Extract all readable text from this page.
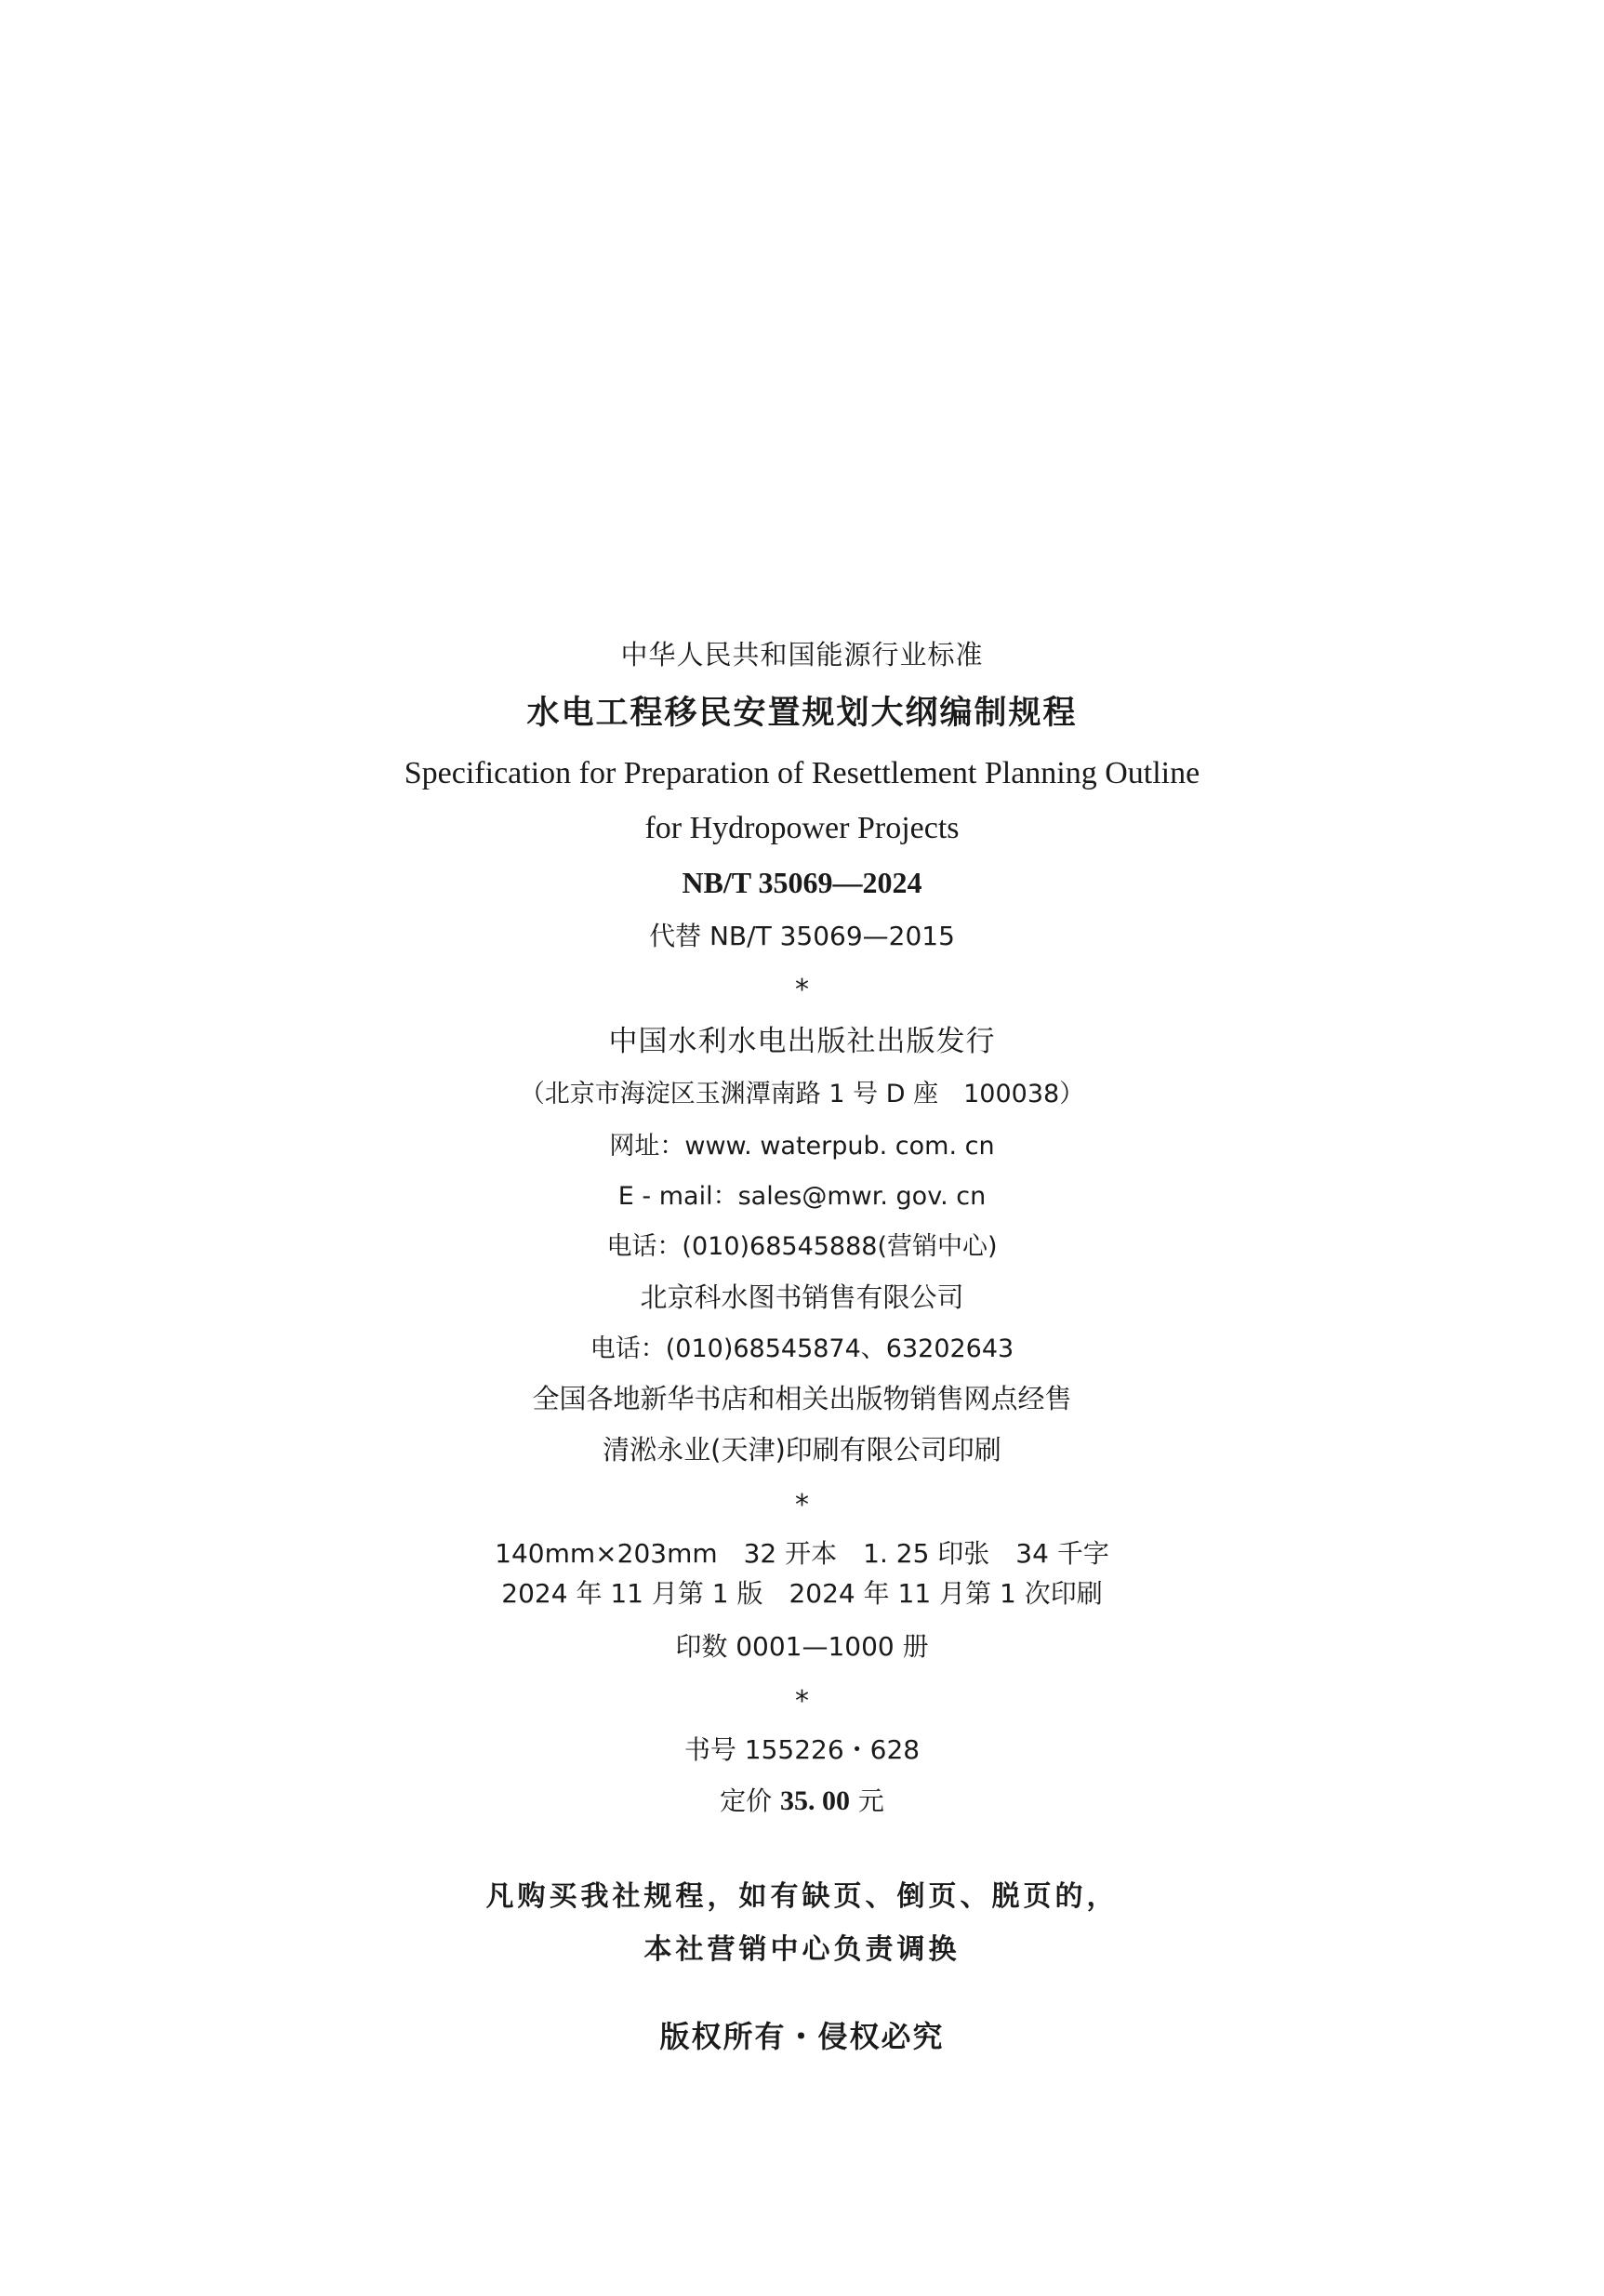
中华人民共和国能源行业标准
水电工程移民安置规划大纲编制规程
Specification for Preparation of Resettlement Planning Outline
for Hydropower Projects
NB/T 35069—2024
代替 NB/T 35069—2015
*
中国水利水电出版社出版发行
（北京市海淀区玉渊潭南路 1 号 D 座　100038）
网址：www. waterpub. com. cn
E - mail：sales@mwr. gov. cn
电话：(010)68545888(营销中心)
北京科水图书销售有限公司
电话：(010)68545874、63202643
全国各地新华书店和相关出版物销售网点经售
清淞永业(天津)印刷有限公司印刷
*
140mm×203mm　32 开本　1. 25 印张　34 千字
2024 年 11 月第 1 版　2024 年 11 月第 1 次印刷
印数 0001—1000 册
*
书号 155226・628
定价 35. 00 元
凡购买我社规程，如有缺页、倒页、脱页的，
本社营销中心负责调换
版权所有・侵权必究
